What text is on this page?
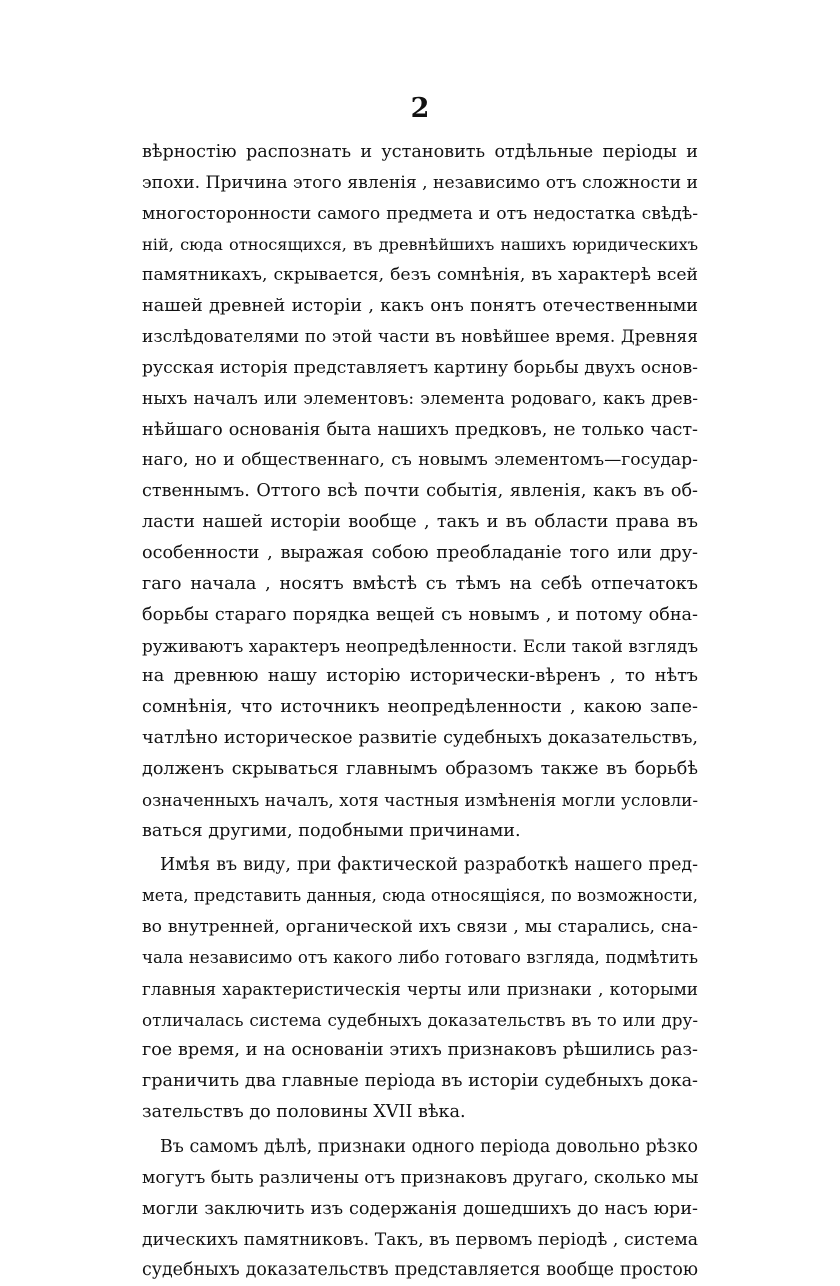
2
вѣрностію распознать и установить отдѣльные періоды и
эпохи. Причина этого явленія , независимо отъ сложности и
многосторонности самого предмета и отъ недостатка свѣдѣ-
ній, сюда относящихся, въ древнѣйшихъ нашихъ юридическихъ
памятникахъ, скрывается, безъ сомнѣнія, въ характерѣ всей
нашей древней исторіи , какъ онъ понятъ отечественными
изслѣдователями по этой части въ новѣйшее время. Древняя
русская исторія представляетъ картину борьбы двухъ основ-
ныхъ началъ или элементовъ: элемента родоваго, какъ древ-
нѣйшаго основанія быта нашихъ предковъ, не только част-
наго, но и общественнаго, съ новымъ элементомъ—государ-
ственнымъ. Оттого всѣ почти событія, явленія, какъ въ об-
ласти нашей исторіи вообще , такъ и въ области права въ
особенности , выражая собою преобладаніе того или дру-
гаго начала , носятъ вмѣстѣ съ тѣмъ на себѣ отпечатокъ
борьбы стараго порядка вещей съ новымъ , и потому обна-
руживаютъ характеръ неопредѣленности. Если такой взглядъ
на древнюю нашу исторію исторически-вѣренъ , то нѣтъ
сомнѣнія, что источникъ неопредѣленности , какою запе-
чатлѣно историческое развитіе судебныхъ доказательствъ,
долженъ скрываться главнымъ образомъ также въ борьбѣ
означенныхъ началъ, хотя частныя измѣненія могли условли-
ваться другими, подобными причинами.
Имѣя въ виду, при фактической разработкѣ нашего пред-
мета, представить данныя, сюда относящіяся, по возможности,
во внутренней, органической ихъ связи , мы старались, сна-
чала независимо отъ какого либо готоваго взгляда, подмѣтить
главныя характеристическія черты или признаки , которыми
отличалась система судебныхъ доказательствъ въ то или дру-
гое время, и на основаніи этихъ признаковъ рѣшились раз-
граничить два главные періода въ исторіи судебныхъ дока-
зательствъ до половины XVII вѣка.
Въ самомъ дѣлѣ, признаки одного періода довольно рѣзко
могутъ быть различены отъ признаковъ другаго, сколько мы
могли заключить изъ содержанія дошедшихъ до насъ юри-
дическихъ памятниковъ. Такъ, въ первомъ періодѣ , система
судебныхъ доказательствъ представляется вообще простою
